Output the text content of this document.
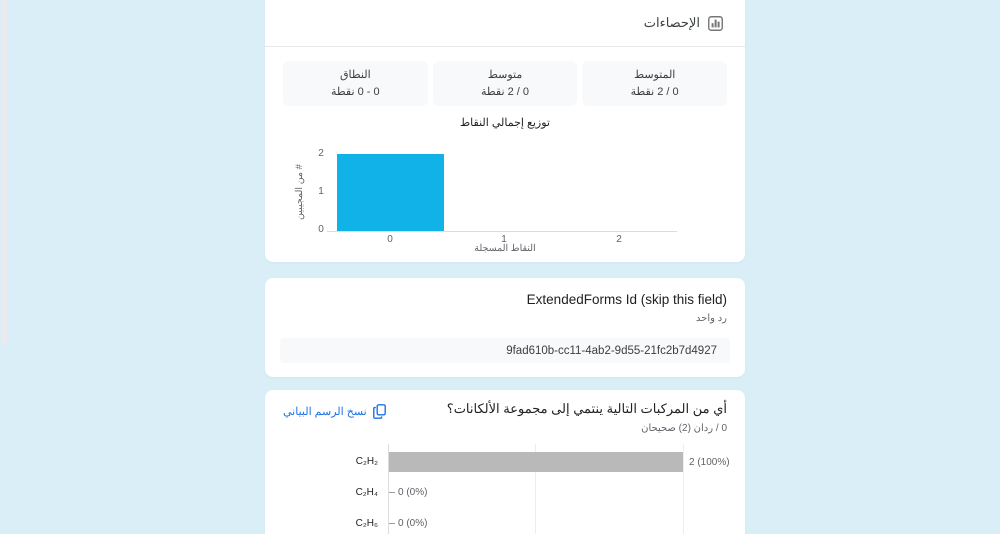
الإحصاءات
المتوسط
0 / 2 نقطة
متوسط
0 / 2 نقطة
النطاق
0 - 0 نقطة
توزيع إجمالي النقاط
# من المجيبين
2
1
0
0	1	2
النقاط المسجلة
ExtendedForms Id (skip this field)
رد واحد
9fad610b-cc11-4ab2-9d55-21fc2b7d4927
أي من المركبات التالية ينتمي إلى مجموعة الألكانات؟
0 / ردان (2) صحيحان
نسخ الرسم البياني
C₂H₂	2 (100%)
C₂H₄ 0 (0%)
C₂H₆ 0 (0%)
